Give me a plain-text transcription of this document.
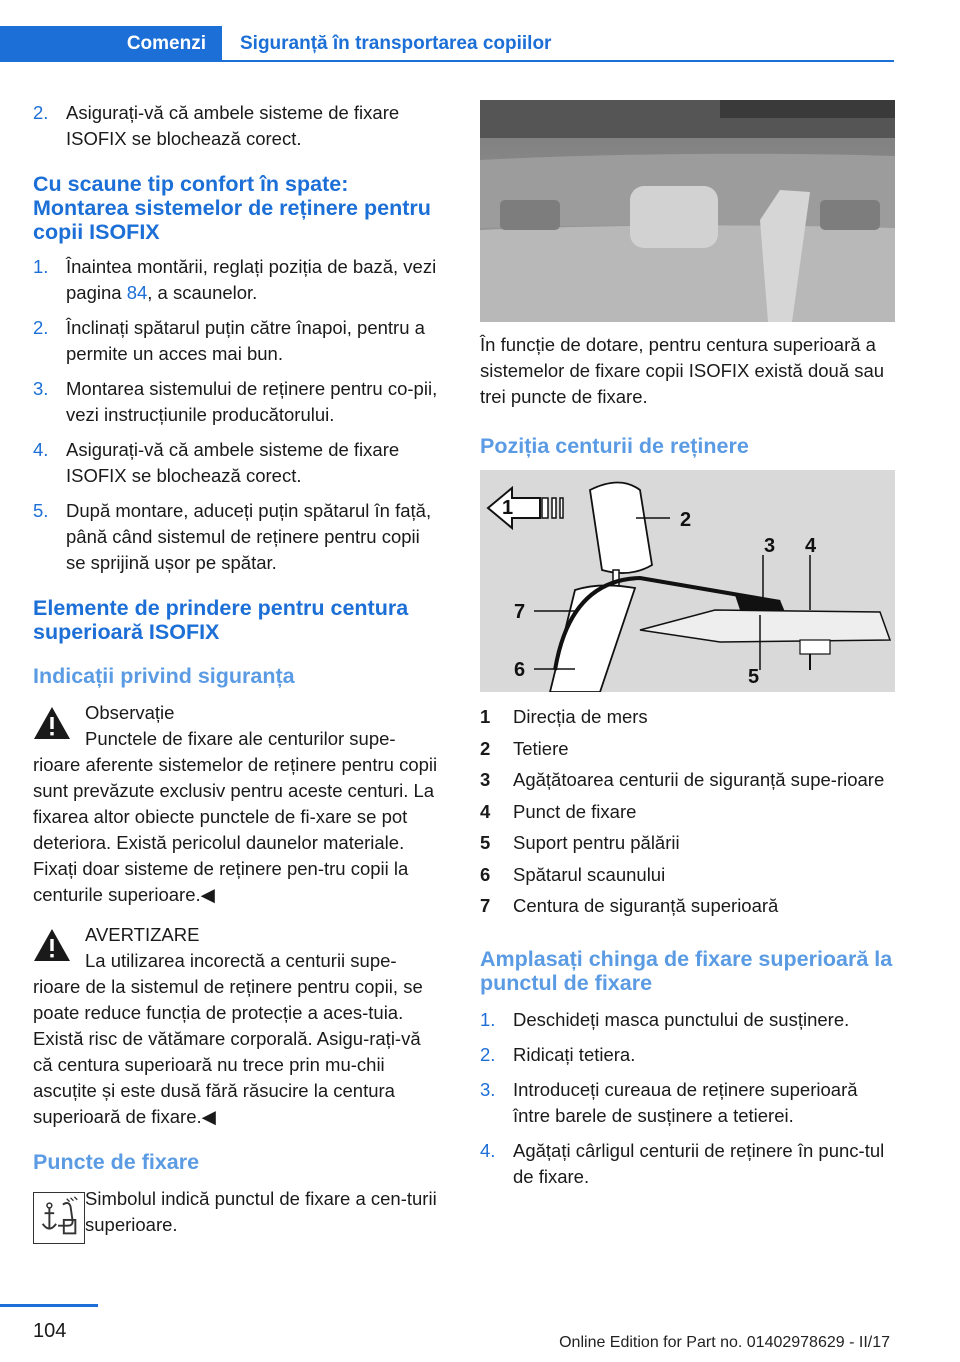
Comenzi	Siguranță în transportarea copiilor
2. Asigurați-vă că ambele sisteme de fixare ISOFIX se blochează corect.
Cu scaune tip confort în spate: Montarea sistemelor de reținere pentru copii ISOFIX
1. Înaintea montării, reglați poziția de bază, vezi pagina 84, a scaunelor.
2. Înclinați spătarul puțin către înapoi, pentru a permite un acces mai bun.
3. Montarea sistemului de reținere pentru co-pii, vezi instrucțiunile producătorului.
4. Asigurați-vă că ambele sisteme de fixare ISOFIX se blochează corect.
5. După montare, aduceți puțin spătarul în față, până când sistemul de reținere pentru copii se sprijină ușor pe spătar.
Elemente de prindere pentru centura superioară ISOFIX
Indicații privind siguranța
Observație
Punctele de fixare ale centurilor supe-
rioare aferente sistemelor de reținere pentru copii sunt prevăzute exclusiv pentru aceste centuri. La fixarea altor obiecte punctele de fi-xare se pot deteriora. Există pericolul daunelor materiale. Fixați doar sisteme de reținere pen-tru copii la centurile superioare.◀
AVERTIZARE
La utilizarea incorectă a centurii supe-
rioare de la sistemul de reținere pentru copii, se poate reduce funcția de protecție a aces-tuia. Există risc de vătămare corporală. Asigu-rați-vă că centura superioară nu trece prin mu-chii ascuțite și este dusă fără răsucire la centura superioară de fixare.◀
Puncte de fixare
Simbolul indică punctul de fixare a cen-turii superioare.
În funcție de dotare, pentru centura superioară a sistemelor de fixare copii ISOFIX există două sau trei puncte de fixare.
Poziția centurii de reținere
2
3 4
5
6
7
1
1	Direcția de mers
2	Tetiere
3	Agățătoarea centurii de siguranță supe-rioare
4	Punct de fixare
5	Suport pentru pălării
6	Spătarul scaunului
7	Centura de siguranță superioară
Amplasați chinga de fixare superioară la punctul de fixare
1. Deschideți masca punctului de susținere.
2. Ridicați tetiera.
3. Introduceți cureaua de reținere superioară între barele de susținere a tetierei.
4. Agățați cârligul centurii de reținere în punc-tul de fixare.
104
Online Edition for Part no. 01402978629 - II/17
